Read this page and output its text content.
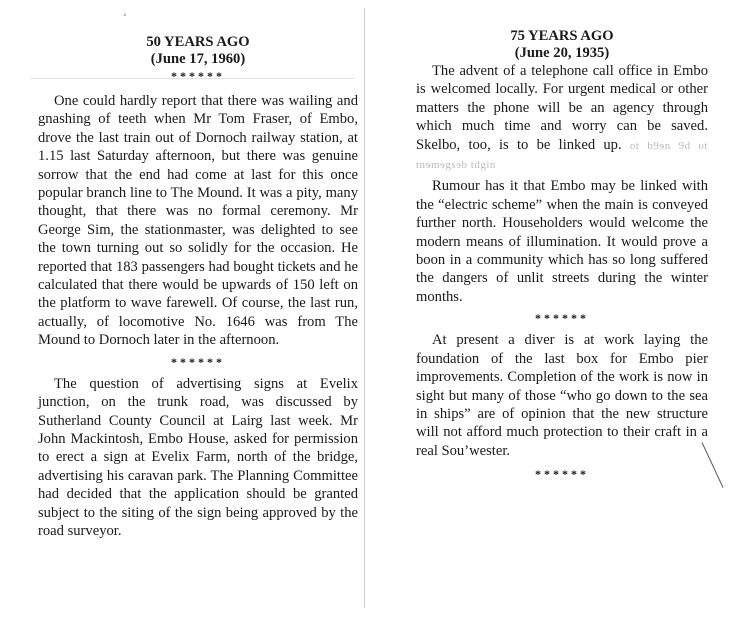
‘
50 YEARS AGO
(June 17, 1960)
******

One could hardly report that there was wailing and gnashing of teeth when Mr Tom Fraser, of Embo, drove the last train out of Dornoch railway station, at 1.15 last Saturday afternoon, but there was genuine sorrow that the end had come at last for this once popular branch line to The Mound. It was a pity, many thought, that there was no formal ceremony. Mr George Sim, the stationmaster, was delighted to see the town turning out so solidly for the occasion. He reported that 183 passengers had bought tickets and he calculated that there would be upwards of 150 left on the platform to wave farewell. Of course, the last run, actually, of locomotive No. 1646 was from The Mound to Dornoch later in the afternoon.

******

The question of advertising signs at Evelix junction, on the trunk road, was discussed by Sutherland County Council at Lairg last week. Mr John Mackintosh, Embo House, asked for permission to erect a sign at Evelix Farm, north of the bridge, advertising his caravan park. The Planning Committee had decided that the application should be granted subject to the siting of the sign being approved by the road surveyor.

75 YEARS AGO
(June 20, 1935)

The advent of a telephone call office in Embo is welcomed locally. For urgent medical or other matters the phone will be an agency through which much time and worry can be saved. Skelbo, too, is to be linked up. ot b9ɘn 9d ot tnɘmɘgsɘb tdgin

Rumour has it that Embo may be linked with the “electric scheme” when the main is conveyed further north. Householders would welcome the modern means of illumination. It would prove a boon in a community which has so long suffered the dangers of unlit streets during the winter months.

******

At present a diver is at work laying the foundation of the last box for Embo pier improvements. Completion of the work is now in sight but many of those “who go down to the sea in ships” are of opinion that the new structure will not afford much protection to their craft in a real Sou’wester.

******
